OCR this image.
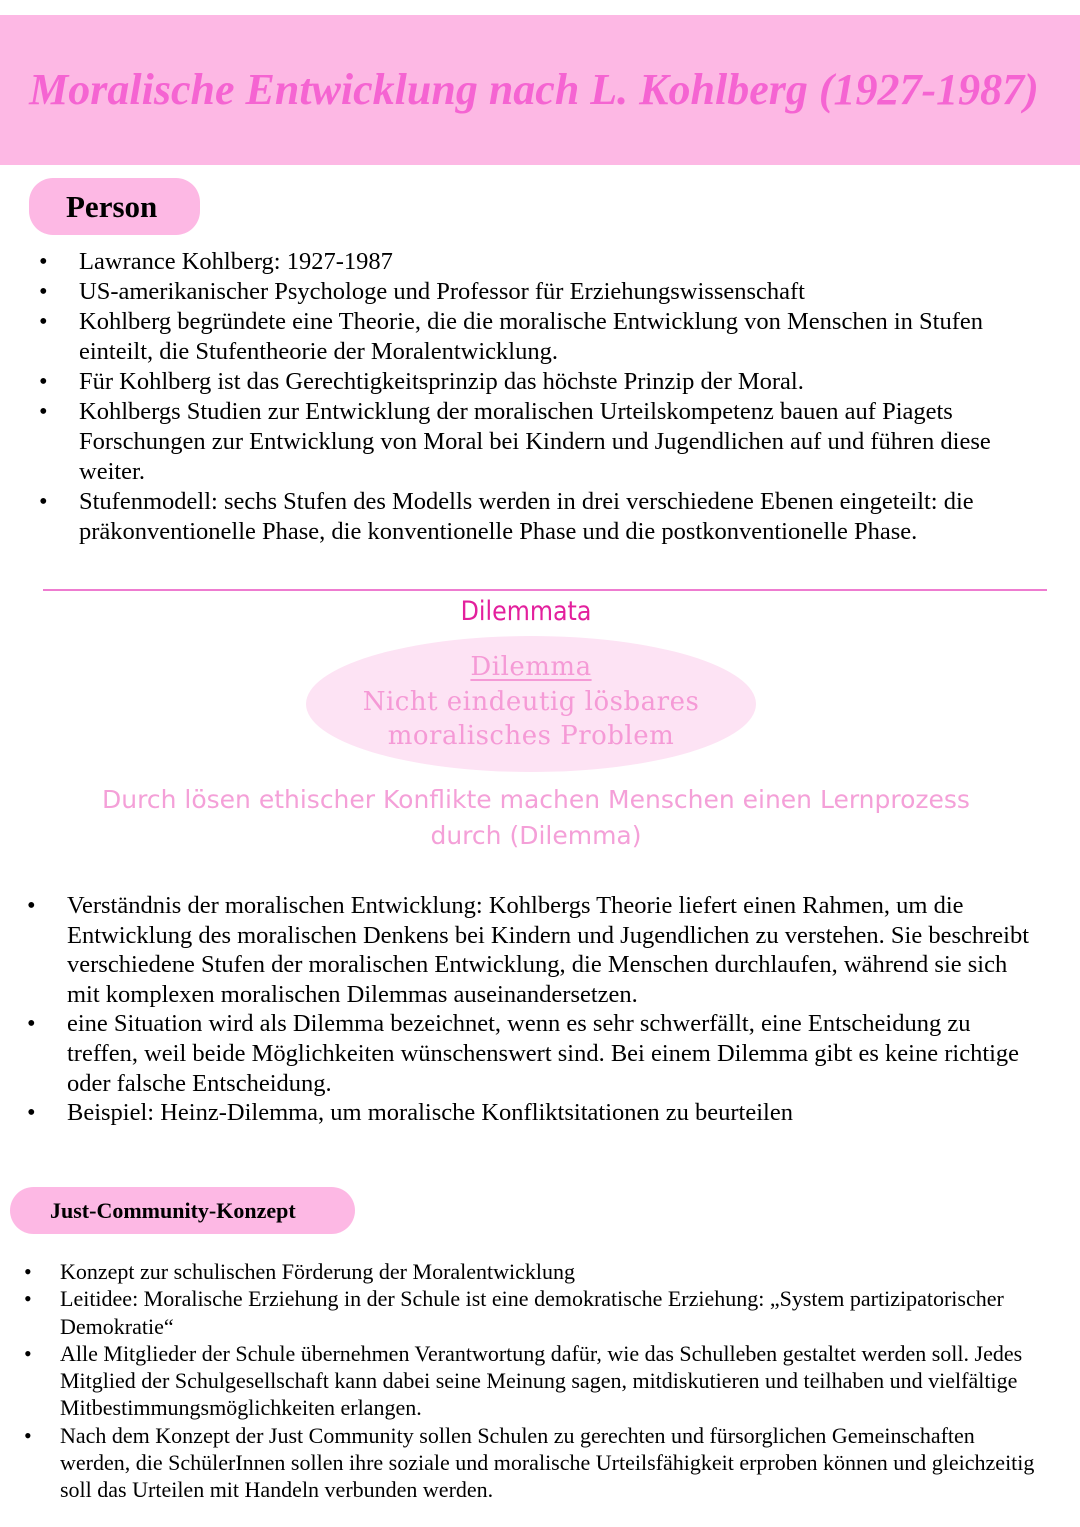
Moralische Entwicklung nach L. Kohlberg (1927-1987)
Person
• Lawrance Kohlberg: 1927-1987
• US-amerikanischer Psychologe und Professor für Erziehungswissenschaft
• Kohlberg begründete eine Theorie, die die moralische Entwicklung von Menschen in Stufen einteilt, die Stufentheorie der Moralentwicklung.
• Für Kohlberg ist das Gerechtigkeitsprinzip das höchste Prinzip der Moral.
• Kohlbergs Studien zur Entwicklung der moralischen Urteilskompetenz bauen auf Piagets Forschungen zur Entwicklung von Moral bei Kindern und Jugendlichen auf und führen diese weiter.
• Stufenmodell: sechs Stufen des Modells werden in drei verschiedene Ebenen eingeteilt: die präkonventionelle Phase, die konventionelle Phase und die postkonventionelle Phase.
Dilemmata
Dilemma
Nicht eindeutig lösbares
moralisches Problem
Durch lösen ethischer Konflikte machen Menschen einen Lernprozess
durch (Dilemma)
• Verständnis der moralischen Entwicklung: Kohlbergs Theorie liefert einen Rahmen, um die Entwicklung des moralischen Denkens bei Kindern und Jugendlichen zu verstehen. Sie beschreibt verschiedene Stufen der moralischen Entwicklung, die Menschen durchlaufen, während sie sich mit komplexen moralischen Dilemmas auseinandersetzen.
• eine Situation wird als Dilemma bezeichnet, wenn es sehr schwerfällt, eine Entscheidung zu treffen, weil beide Möglichkeiten wünschenswert sind. Bei einem Dilemma gibt es keine richtige oder falsche Entscheidung.
• Beispiel: Heinz-Dilemma, um moralische Konfliktsitationen zu beurteilen
Just-Community-Konzept
• Konzept zur schulischen Förderung der Moralentwicklung
• Leitidee: Moralische Erziehung in der Schule ist eine demokratische Erziehung: „System partizipatorischer Demokratie“
• Alle Mitglieder der Schule übernehmen Verantwortung dafür, wie das Schulleben gestaltet werden soll. Jedes Mitglied der Schulgesellschaft kann dabei seine Meinung sagen, mitdiskutieren und teilhaben und vielfältige Mitbestimmungsmöglichkeiten erlangen.
• Nach dem Konzept der Just Community sollen Schulen zu gerechten und fürsorglichen Gemeinschaften werden, die SchülerInnen sollen ihre soziale und moralische Urteilsfähigkeit erproben können und gleichzeitig soll das Urteilen mit Handeln verbunden werden.
